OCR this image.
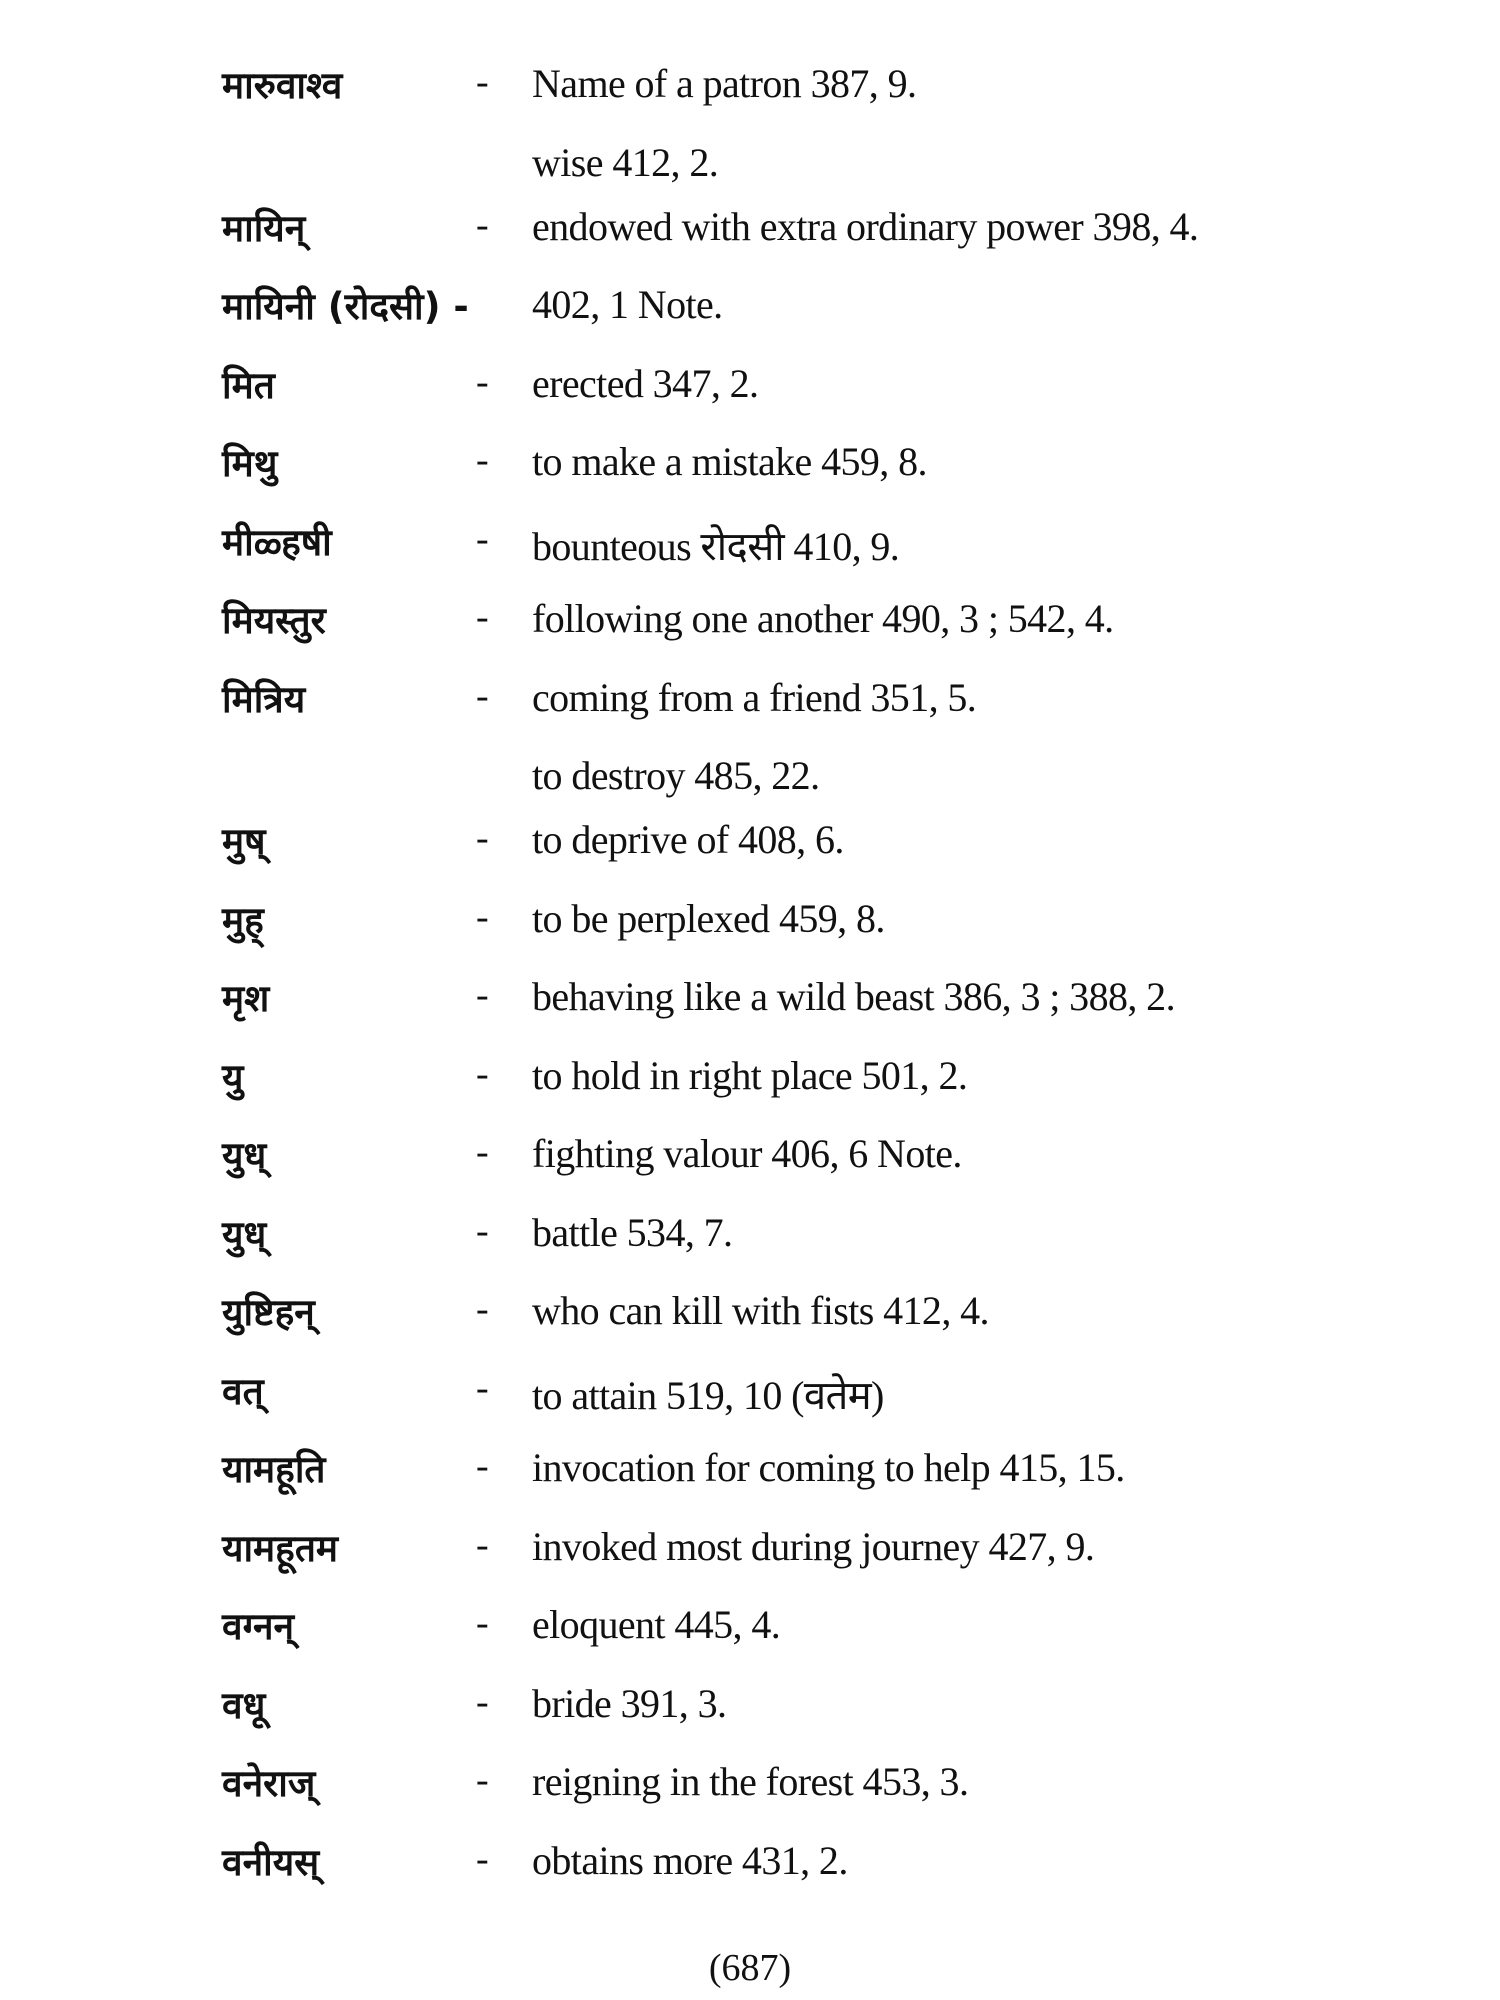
मारुवाश्व	- Name of a patron 387, 9.
wise 412, 2.
मायिन्	- endowed with extra ordinary power 398, 4.
मायिनी (रोदसी) - 402, 1 Note.
मित	- erected 347, 2.
मिथु	- to make a mistake 459, 8.
मीळ्हषी	- bounteous रोदसी 410, 9.
मियस्तुर	- following one another 490, 3 ; 542, 4.
मित्रिय	- coming from a friend 351, 5.
to destroy 485, 22.
मुष्	- to deprive of 408, 6.
मुह्	- to be perplexed 459, 8.
मृश	- behaving like a wild beast 386, 3 ; 388, 2.
यु	- to hold in right place 501, 2.
युध्	- fighting valour 406, 6 Note.
युध्	- battle 534, 7.
युष्टिहन्	- who can kill with fists 412, 4.
वत्	- to attain 519, 10 (वतेम)
यामहूति	- invocation for coming to help 415, 15.
यामहूतम	- invoked most during journey 427, 9.
वग्नन्	- eloquent 445, 4.
वधू	- bride 391, 3.
वनेराज्	- reigning in the forest 453, 3.
वनीयस्	- obtains more 431, 2.
(687)
